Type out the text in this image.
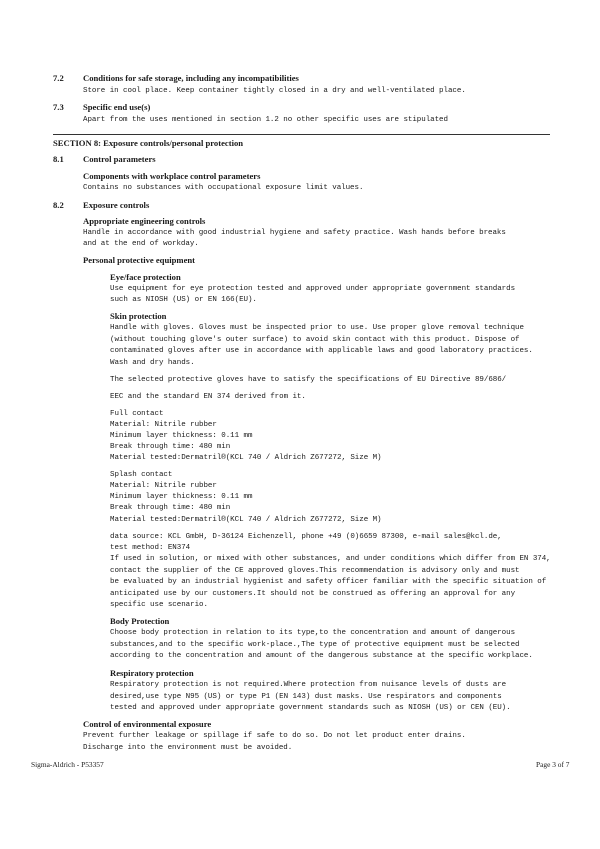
7.2 Conditions for safe storage, including any incompatibilities
Store in cool place. Keep container tightly closed in a dry and well-ventilated place.
7.3 Specific end use(s)
Apart from the uses mentioned in section 1.2 no other specific uses are stipulated
SECTION 8: Exposure controls/personal protection
8.1 Control parameters
Components with workplace control parameters
Contains no substances with occupational exposure limit values.
8.2 Exposure controls
Appropriate engineering controls
Handle in accordance with good industrial hygiene and safety practice. Wash hands before breaks
and at the end of workday.
Personal protective equipment
Eye/face protection
Use equipment for eye protection tested and approved under appropriate government standards
such as NIOSH (US) or EN 166(EU).
Skin protection
Handle with gloves. Gloves must be inspected prior to use. Use proper glove removal technique
(without touching glove's outer surface) to avoid skin contact with this product. Dispose of
contaminated gloves after use in accordance with applicable laws and good laboratory practices.
Wash and dry hands.
The selected protective gloves have to satisfy the specifications of EU Directive 89/686/
EEC and the standard EN 374 derived from it.
Full contact
Material: Nitrile rubber
Minimum layer thickness: 0.11 mm
Break through time: 480 min
Material tested:Dermatril®(KCL 740 / Aldrich Z677272, Size M)
Splash contact
Material: Nitrile rubber
Minimum layer thickness: 0.11 mm
Break through time: 480 min
Material tested:Dermatril®(KCL 740 / Aldrich Z677272, Size M)
data source: KCL GmbH, D-36124 Eichenzell, phone +49 (0)6659 87300, e-mail sales@kcl.de,
test method: EN374
If used in solution, or mixed with other substances, and under conditions which differ from EN 374,
contact the supplier of the CE approved gloves.This recommendation is advisory only and must
be evaluated by an industrial hygienist and safety officer familiar with the specific situation of
anticipated use by our customers.It should not be construed as offering an approval for any
specific use scenario.
Body Protection
Choose body protection in relation to its type,to the concentration and amount of dangerous
substances,and to the specific work-place.,The type of protective equipment must be selected
according to the concentration and amount of the dangerous substance at the specific workplace.
Respiratory protection
Respiratory protection is not required.Where protection from nuisance levels of dusts are
desired,use type N95 (US) or type P1 (EN 143) dust masks. Use respirators and components
tested and approved under appropriate government standards such as NIOSH (US) or CEN (EU).
Control of environmental exposure
Prevent further leakage or spillage if safe to do so. Do not let product enter drains.
Discharge into the environment must be avoided.
Sigma-Aldrich - P53357	Page 3 of 7
